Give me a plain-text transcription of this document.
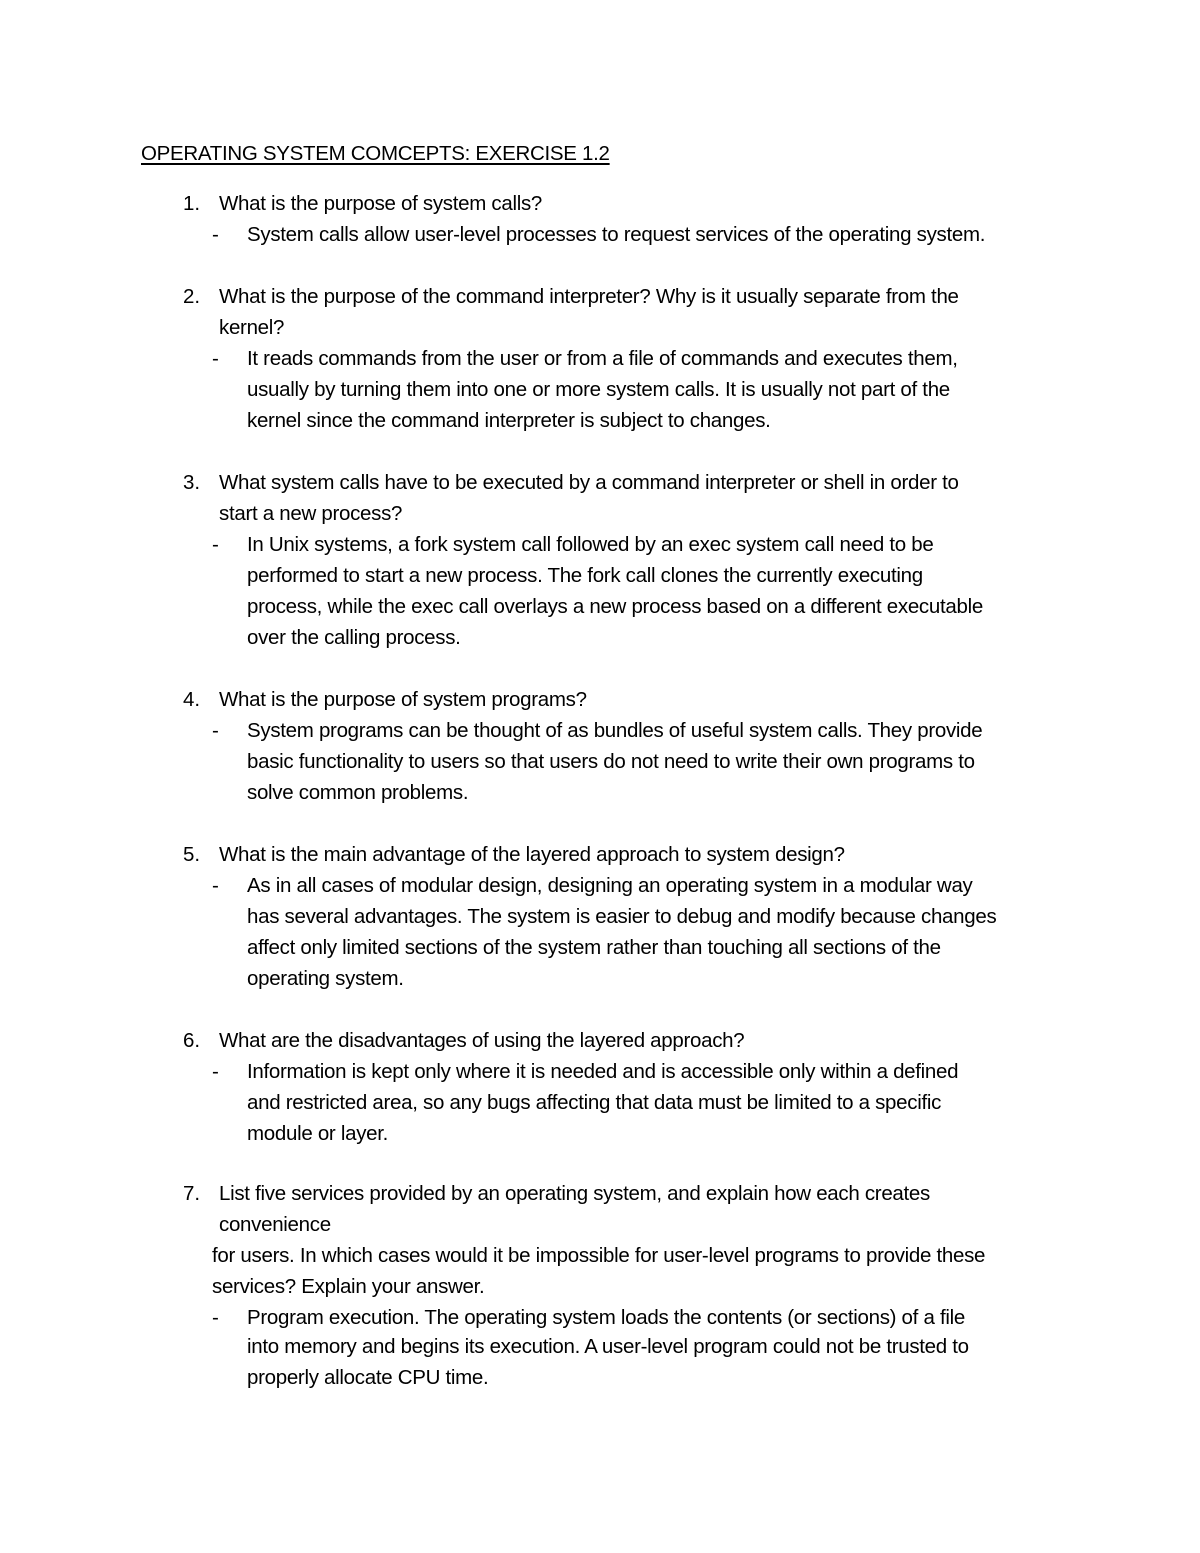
OPERATING SYSTEM COMCEPTS: EXERCISE 1.2
1. What is the purpose of system calls?
- System calls allow user-level processes to request services of the operating system.
2. What is the purpose of the command interpreter? Why is it usually separate from the
kernel?
- It reads commands from the user or from a file of commands and executes them,
usually by turning them into one or more system calls. It is usually not part of the
kernel since the command interpreter is subject to changes.
3. What system calls have to be executed by a command interpreter or shell in order to
start a new process?
- In Unix systems, a fork system call followed by an exec system call need to be
performed to start a new process. The fork call clones the currently executing
process, while the exec call overlays a new process based on a different executable
over the calling process.
4. What is the purpose of system programs?
- System programs can be thought of as bundles of useful system calls. They provide
basic functionality to users so that users do not need to write their own programs to
solve common problems.
5. What is the main advantage of the layered approach to system design?
- As in all cases of modular design, designing an operating system in a modular way
has several advantages. The system is easier to debug and modify because changes
affect only limited sections of the system rather than touching all sections of the
operating system.
6. What are the disadvantages of using the layered approach?
- Information is kept only where it is needed and is accessible only within a defined
and restricted area, so any bugs affecting that data must be limited to a specific
module or layer.
7. List five services provided by an operating system, and explain how each creates
convenience
for users. In which cases would it be impossible for user-level programs to provide these
services? Explain your answer.
- Program execution. The operating system loads the contents (or sections) of a file
into memory and begins its execution. A user-level program could not be trusted to
properly allocate CPU time.
